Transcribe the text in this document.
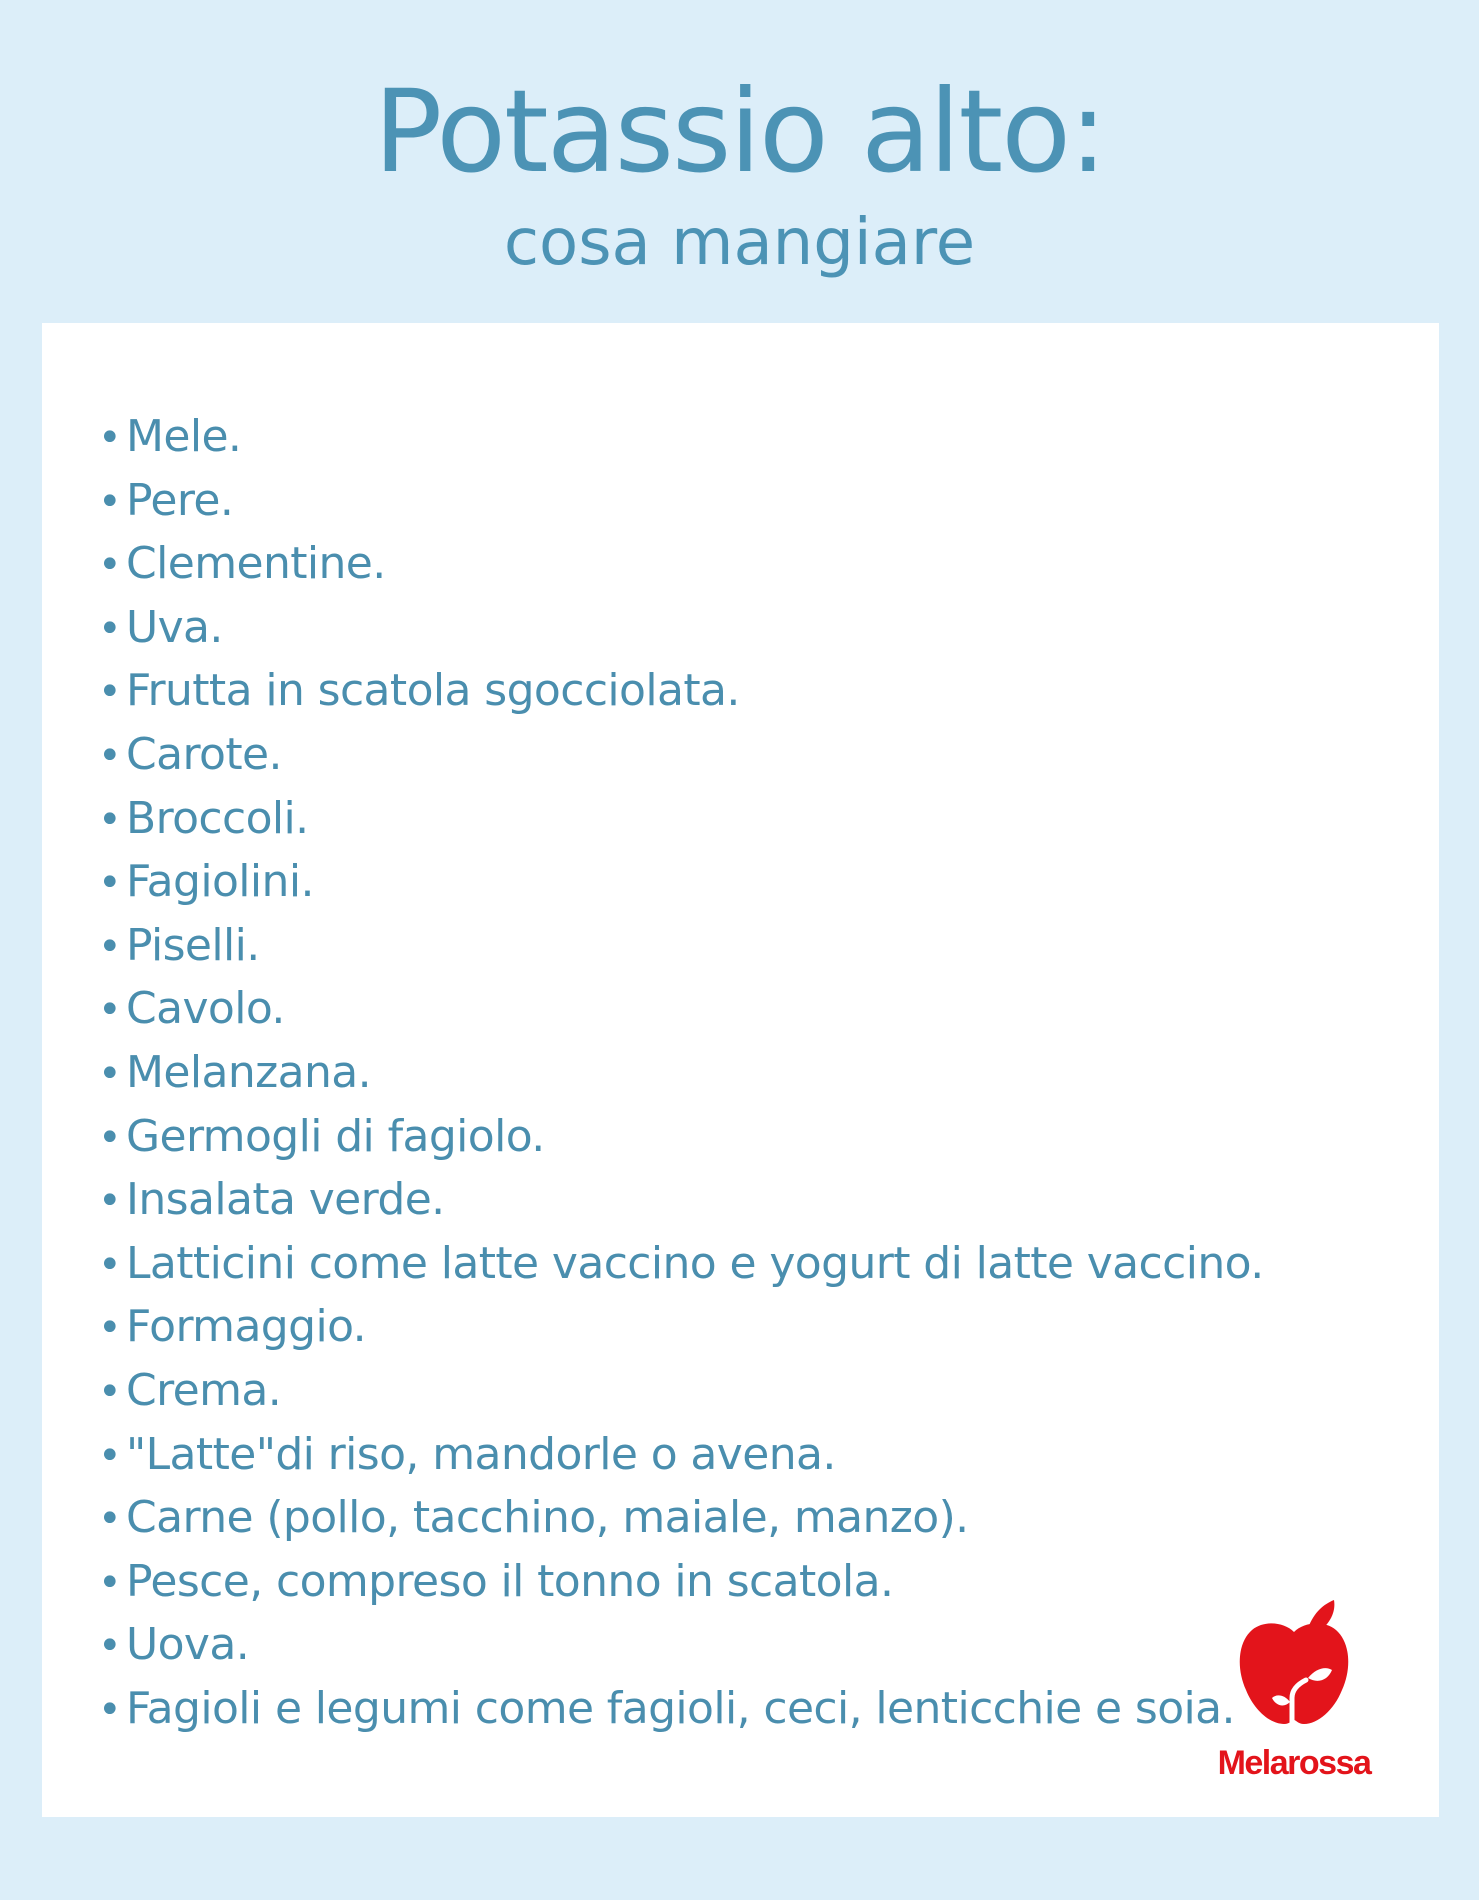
Potassio alto:
cosa mangiare
• Mele.
• Pere.
• Clementine.
• Uva.
• Frutta in scatola sgocciolata.
• Carote.
• Broccoli.
• Fagiolini.
• Piselli.
• Cavolo.
• Melanzana.
• Germogli di fagiolo.
• Insalata verde.
• Latticini come latte vaccino e yogurt di latte vaccino.
• Formaggio.
• Crema.
• "Latte"di riso, mandorle o avena.
• Carne (pollo, tacchino, maiale, manzo).
• Pesce, compreso il tonno in scatola.
• Uova.
• Fagioli e legumi come fagioli, ceci, lenticchie e soia.
Melarossa
